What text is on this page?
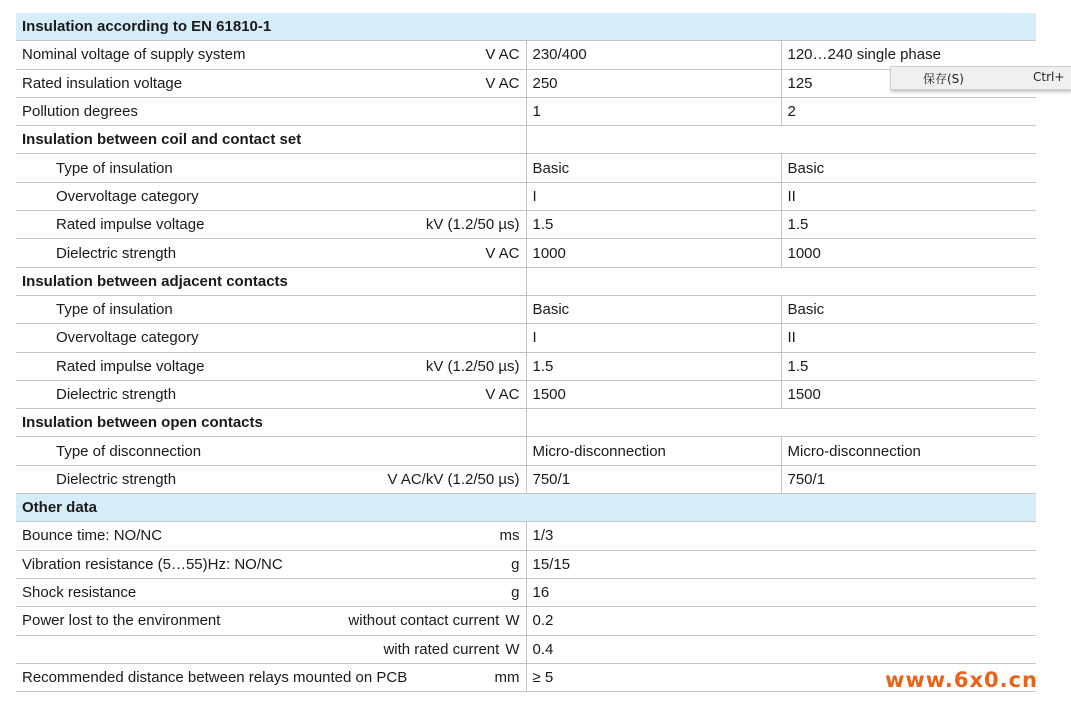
Insulation according to EN 61810-1		

Nominal voltage of supply system V AC	230/400	120…240 single phase

Rated insulation voltage V AC	250	125

Pollution degrees	1	2
Insulation between coil and contact set		

Type of insulation	Basic	Basic

Overvoltage category	I	II

Rated impulse voltage kV (1.2/50 µs)	1.5	1.5

Dielectric strength V AC	1000	1000
Insulation between adjacent contacts		

Type of insulation	Basic	Basic

Overvoltage category	I	II

Rated impulse voltage kV (1.2/50 µs)	1.5	1.5

Dielectric strength V AC	1500	1500
Insulation between open contacts		

Type of disconnection	Micro-disconnection	Micro-disconnection

Dielectric strength V AC/kV (1.2/50 µs)	750/1	750/1
Other data		

Bounce time: NO/NC ms	1/3	

Vibration resistance (5…55)Hz: NO/NC g	15/15	

Shock resistance g	16	

Power lost to the environment without contact current W	0.2	

with rated current W	0.4	

Recommended distance between relays mounted on PCB mm	≥ 5	
保存(S)	Ctrl+
www.6x0.cn
